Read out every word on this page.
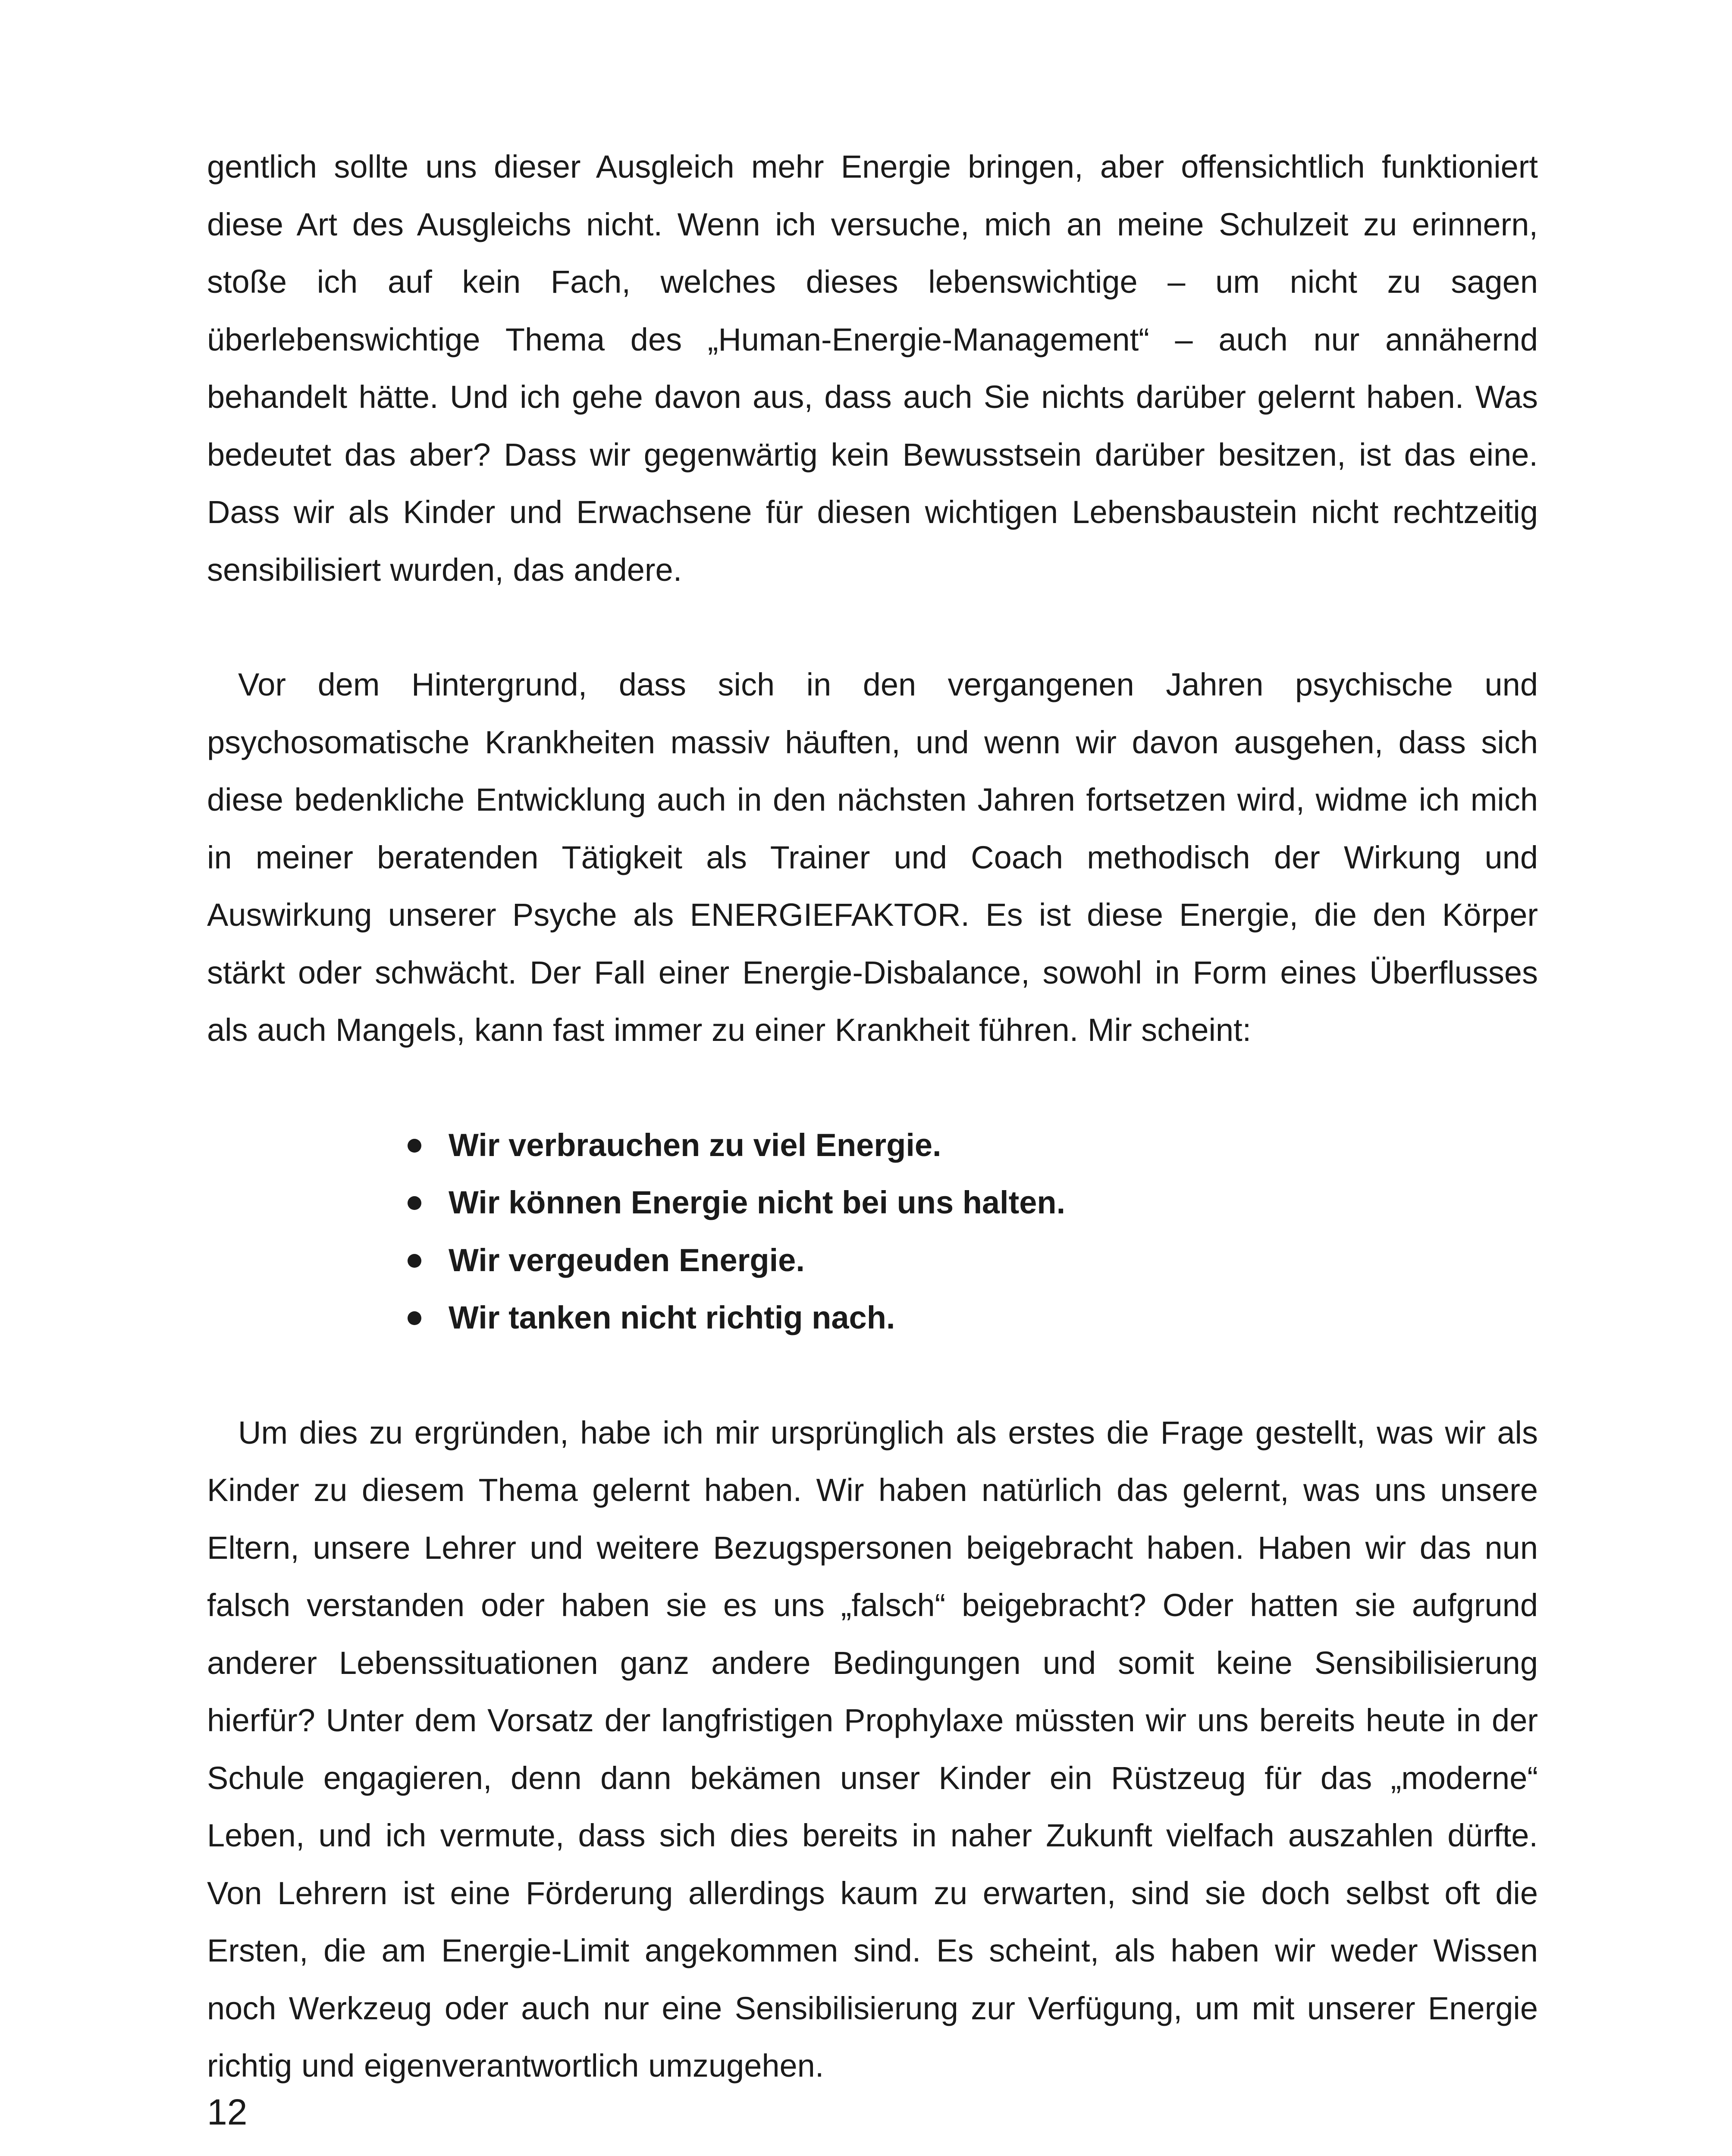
gentlich sollte uns dieser Ausgleich mehr Energie bringen, aber offensichtlich funktioniert diese Art des Ausgleichs nicht. Wenn ich versuche, mich an meine Schulzeit zu erinnern, stoße ich auf kein Fach, welches dieses lebenswichtige – um nicht zu sagen überlebenswichtige Thema des „Human-Energie-Management“ – auch nur annähernd behandelt hätte. Und ich gehe davon aus, dass auch Sie nichts darüber gelernt haben. Was bedeutet das aber? Dass wir gegenwärtig kein Bewusstsein darüber besitzen, ist das eine. Dass wir als Kinder und Erwachsene für diesen wichtigen Lebensbaustein nicht rechtzeitig sensibilisiert wurden, das andere.

Vor dem Hintergrund, dass sich in den vergangenen Jahren psychische und psychosomatische Krankheiten massiv häuften, und wenn wir davon ausgehen, dass sich diese bedenkliche Entwicklung auch in den nächsten Jahren fortsetzen wird, widme ich mich in meiner beratenden Tätigkeit als Trainer und Coach methodisch der Wirkung und Auswirkung unserer Psyche als ENERGIEFAKTOR. Es ist diese Energie, die den Körper stärkt oder schwächt. Der Fall einer Energie-Disbalance, sowohl in Form eines Überflusses als auch Mangels, kann fast immer zu einer Krankheit führen. Mir scheint:

Wir verbrauchen zu viel Energie.
Wir können Energie nicht bei uns halten.
Wir vergeuden Energie.
Wir tanken nicht richtig nach.

Um dies zu ergründen, habe ich mir ursprünglich als erstes die Frage gestellt, was wir als Kinder zu diesem Thema gelernt haben. Wir haben natürlich das gelernt, was uns unsere Eltern, unsere Lehrer und weitere Bezugspersonen beigebracht haben. Haben wir das nun falsch verstanden oder haben sie es uns „falsch“ beigebracht? Oder hatten sie aufgrund anderer Lebenssituationen ganz andere Bedingungen und somit keine Sensibilisierung hierfür? Unter dem Vorsatz der langfristigen Prophylaxe müssten wir uns bereits heute in der Schule engagieren, denn dann bekämen unser Kinder ein Rüstzeug für das „moderne“ Leben, und ich vermute, dass sich dies bereits in naher Zukunft vielfach auszahlen dürfte. Von Lehrern ist eine Förderung allerdings kaum zu erwarten, sind sie doch selbst oft die Ersten, die am Energie-Limit angekommen sind. Es scheint, als haben wir weder Wissen noch Werkzeug oder auch nur eine Sensibilisierung zur Verfügung, um mit unserer Energie richtig und eigenverantwortlich umzugehen.

12
